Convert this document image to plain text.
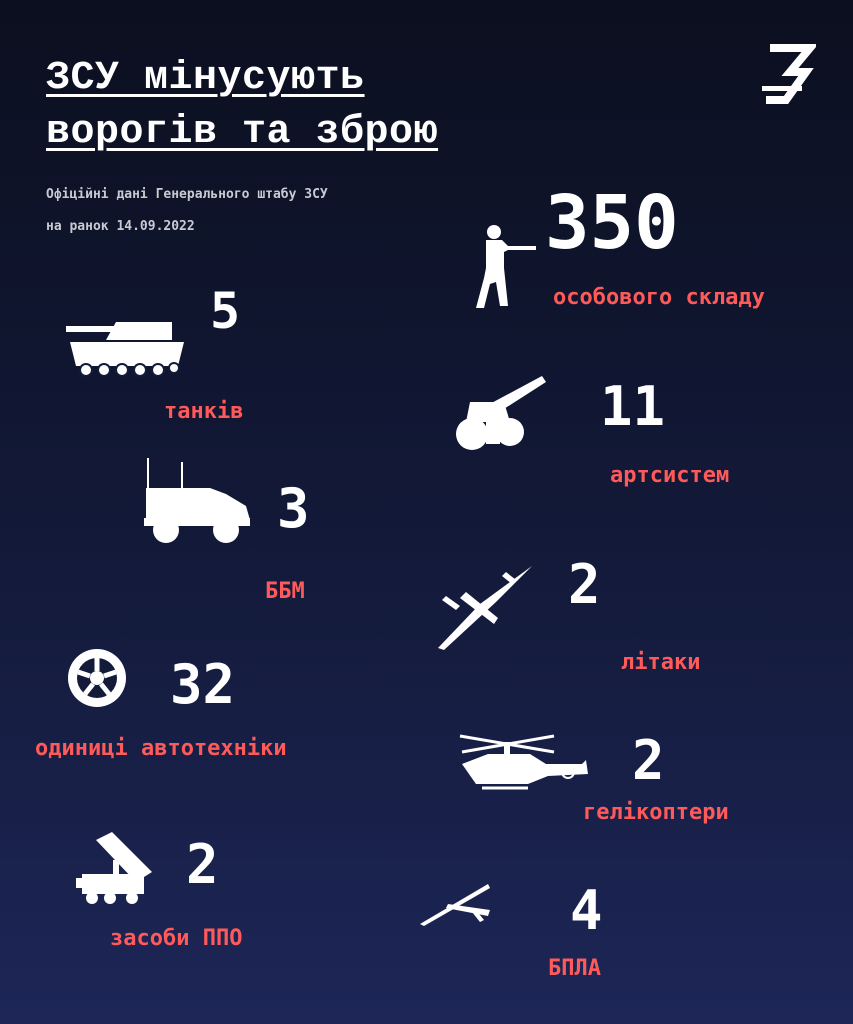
ЗСУ мінусують
ворогів та зброю
Офіційні дані Генерального штабу ЗСУ
на ранок 14.09.2022	350
особового складу
5
танків	11
артсистем
3
ББМ	2
літаки
32
одиниці автотехніки	2
гелікоптери
2
засоби ППО	4
БПЛА
